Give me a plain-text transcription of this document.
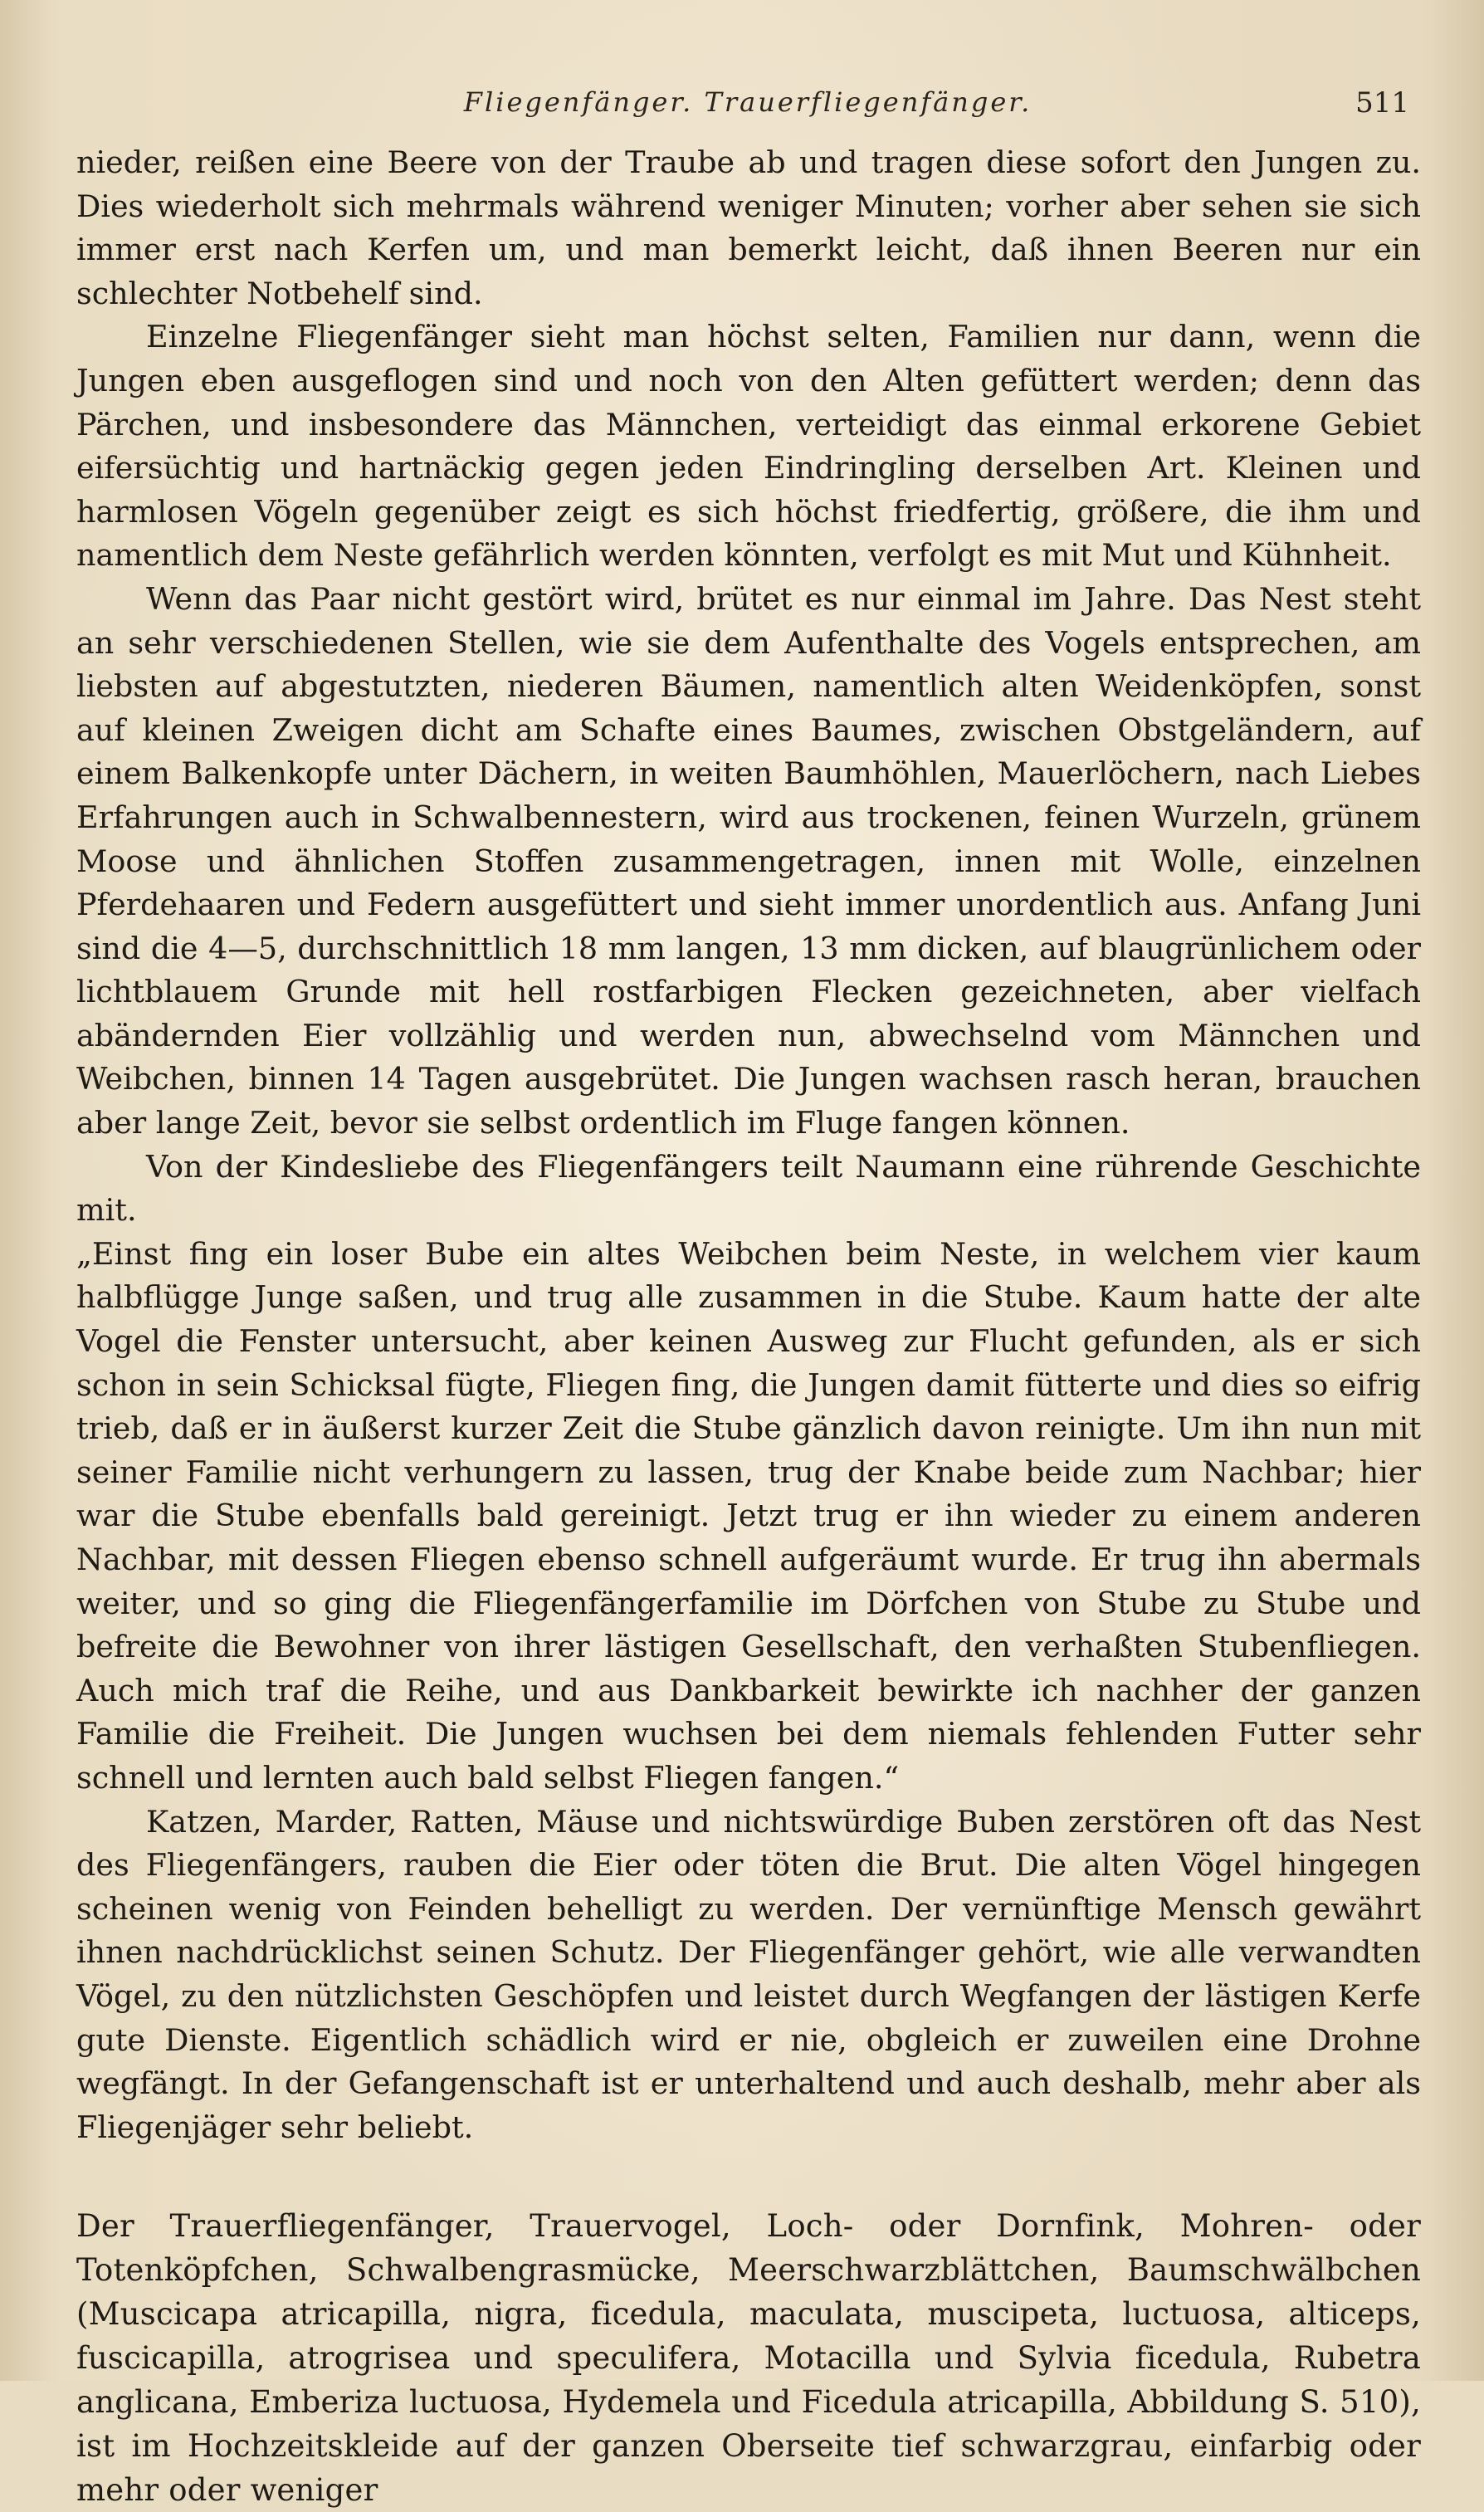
Fliegenfänger. Trauerfliegenfänger.	511

nieder, reißen eine Beere von der Traube ab und tragen diese sofort den Jungen zu. Dies wiederholt sich mehrmals während weniger Minuten; vorher aber sehen sie sich immer erst nach Kerfen um, und man bemerkt leicht, daß ihnen Beeren nur ein schlechter Notbehelf sind.

Einzelne Fliegenfänger sieht man höchst selten, Familien nur dann, wenn die Jungen eben ausgeflogen sind und noch von den Alten gefüttert werden; denn das Pärchen, und insbesondere das Männchen, verteidigt das einmal erkorene Gebiet eifersüchtig und hartnäckig gegen jeden Eindringling derselben Art. Kleinen und harmlosen Vögeln gegenüber zeigt es sich höchst friedfertig, größere, die ihm und namentlich dem Neste gefährlich werden könnten, verfolgt es mit Mut und Kühnheit.

Wenn das Paar nicht gestört wird, brütet es nur einmal im Jahre. Das Nest steht an sehr verschiedenen Stellen, wie sie dem Aufenthalte des Vogels entsprechen, am liebsten auf abgestutzten, niederen Bäumen, namentlich alten Weidenköpfen, sonst auf kleinen Zweigen dicht am Schafte eines Baumes, zwischen Obstgeländern, auf einem Balkenkopfe unter Dächern, in weiten Baumhöhlen, Mauerlöchern, nach Liebes Erfahrungen auch in Schwalbennestern, wird aus trockenen, feinen Wurzeln, grünem Moose und ähnlichen Stoffen zusammengetragen, innen mit Wolle, einzelnen Pferdehaaren und Federn ausgefüttert und sieht immer unordentlich aus. Anfang Juni sind die 4—5, durchschnittlich 18 mm langen, 13 mm dicken, auf blaugrünlichem oder lichtblauem Grunde mit hell rostfarbigen Flecken gezeichneten, aber vielfach abändernden Eier vollzählig und werden nun, abwechselnd vom Männchen und Weibchen, binnen 14 Tagen ausgebrütet. Die Jungen wachsen rasch heran, brauchen aber lange Zeit, bevor sie selbst ordentlich im Fluge fangen können.

Von der Kindesliebe des Fliegenfängers teilt Naumann eine rührende Geschichte mit.

„Einst fing ein loser Bube ein altes Weibchen beim Neste, in welchem vier kaum halbflügge Junge saßen, und trug alle zusammen in die Stube. Kaum hatte der alte Vogel die Fenster untersucht, aber keinen Ausweg zur Flucht gefunden, als er sich schon in sein Schicksal fügte, Fliegen fing, die Jungen damit fütterte und dies so eifrig trieb, daß er in äußerst kurzer Zeit die Stube gänzlich davon reinigte. Um ihn nun mit seiner Familie nicht verhungern zu lassen, trug der Knabe beide zum Nachbar; hier war die Stube ebenfalls bald gereinigt. Jetzt trug er ihn wieder zu einem anderen Nachbar, mit dessen Fliegen ebenso schnell aufgeräumt wurde. Er trug ihn abermals weiter, und so ging die Fliegenfängerfamilie im Dörfchen von Stube zu Stube und befreite die Bewohner von ihrer lästigen Gesellschaft, den verhaßten Stubenfliegen. Auch mich traf die Reihe, und aus Dankbarkeit bewirkte ich nachher der ganzen Familie die Freiheit. Die Jungen wuchsen bei dem niemals fehlenden Futter sehr schnell und lernten auch bald selbst Fliegen fangen.“

Katzen, Marder, Ratten, Mäuse und nichtswürdige Buben zerstören oft das Nest des Fliegenfängers, rauben die Eier oder töten die Brut. Die alten Vögel hingegen scheinen wenig von Feinden behelligt zu werden. Der vernünftige Mensch gewährt ihnen nachdrücklichst seinen Schutz. Der Fliegenfänger gehört, wie alle verwandten Vögel, zu den nützlichsten Geschöpfen und leistet durch Wegfangen der lästigen Kerfe gute Dienste. Eigentlich schädlich wird er nie, obgleich er zuweilen eine Drohne wegfängt. In der Gefangenschaft ist er unterhaltend und auch deshalb, mehr aber als Fliegenjäger sehr beliebt.

Der Trauerfliegenfänger, Trauervogel, Loch- oder Dornfink, Mohren- oder Totenköpfchen, Schwalbengrasmücke, Meerschwarzblättchen, Baumschwälbchen (Muscicapa atricapilla, nigra, ficedula, maculata, muscipeta, luctuosa, alticeps, fuscicapilla, atrogrisea und speculifera, Motacilla und Sylvia ficedula, Rubetra anglicana, Emberiza luctuosa, Hydemela und Ficedula atricapilla, Abbildung S. 510), ist im Hochzeitskleide auf der ganzen Oberseite tief schwarzgrau, einfarbig oder mehr oder weniger
